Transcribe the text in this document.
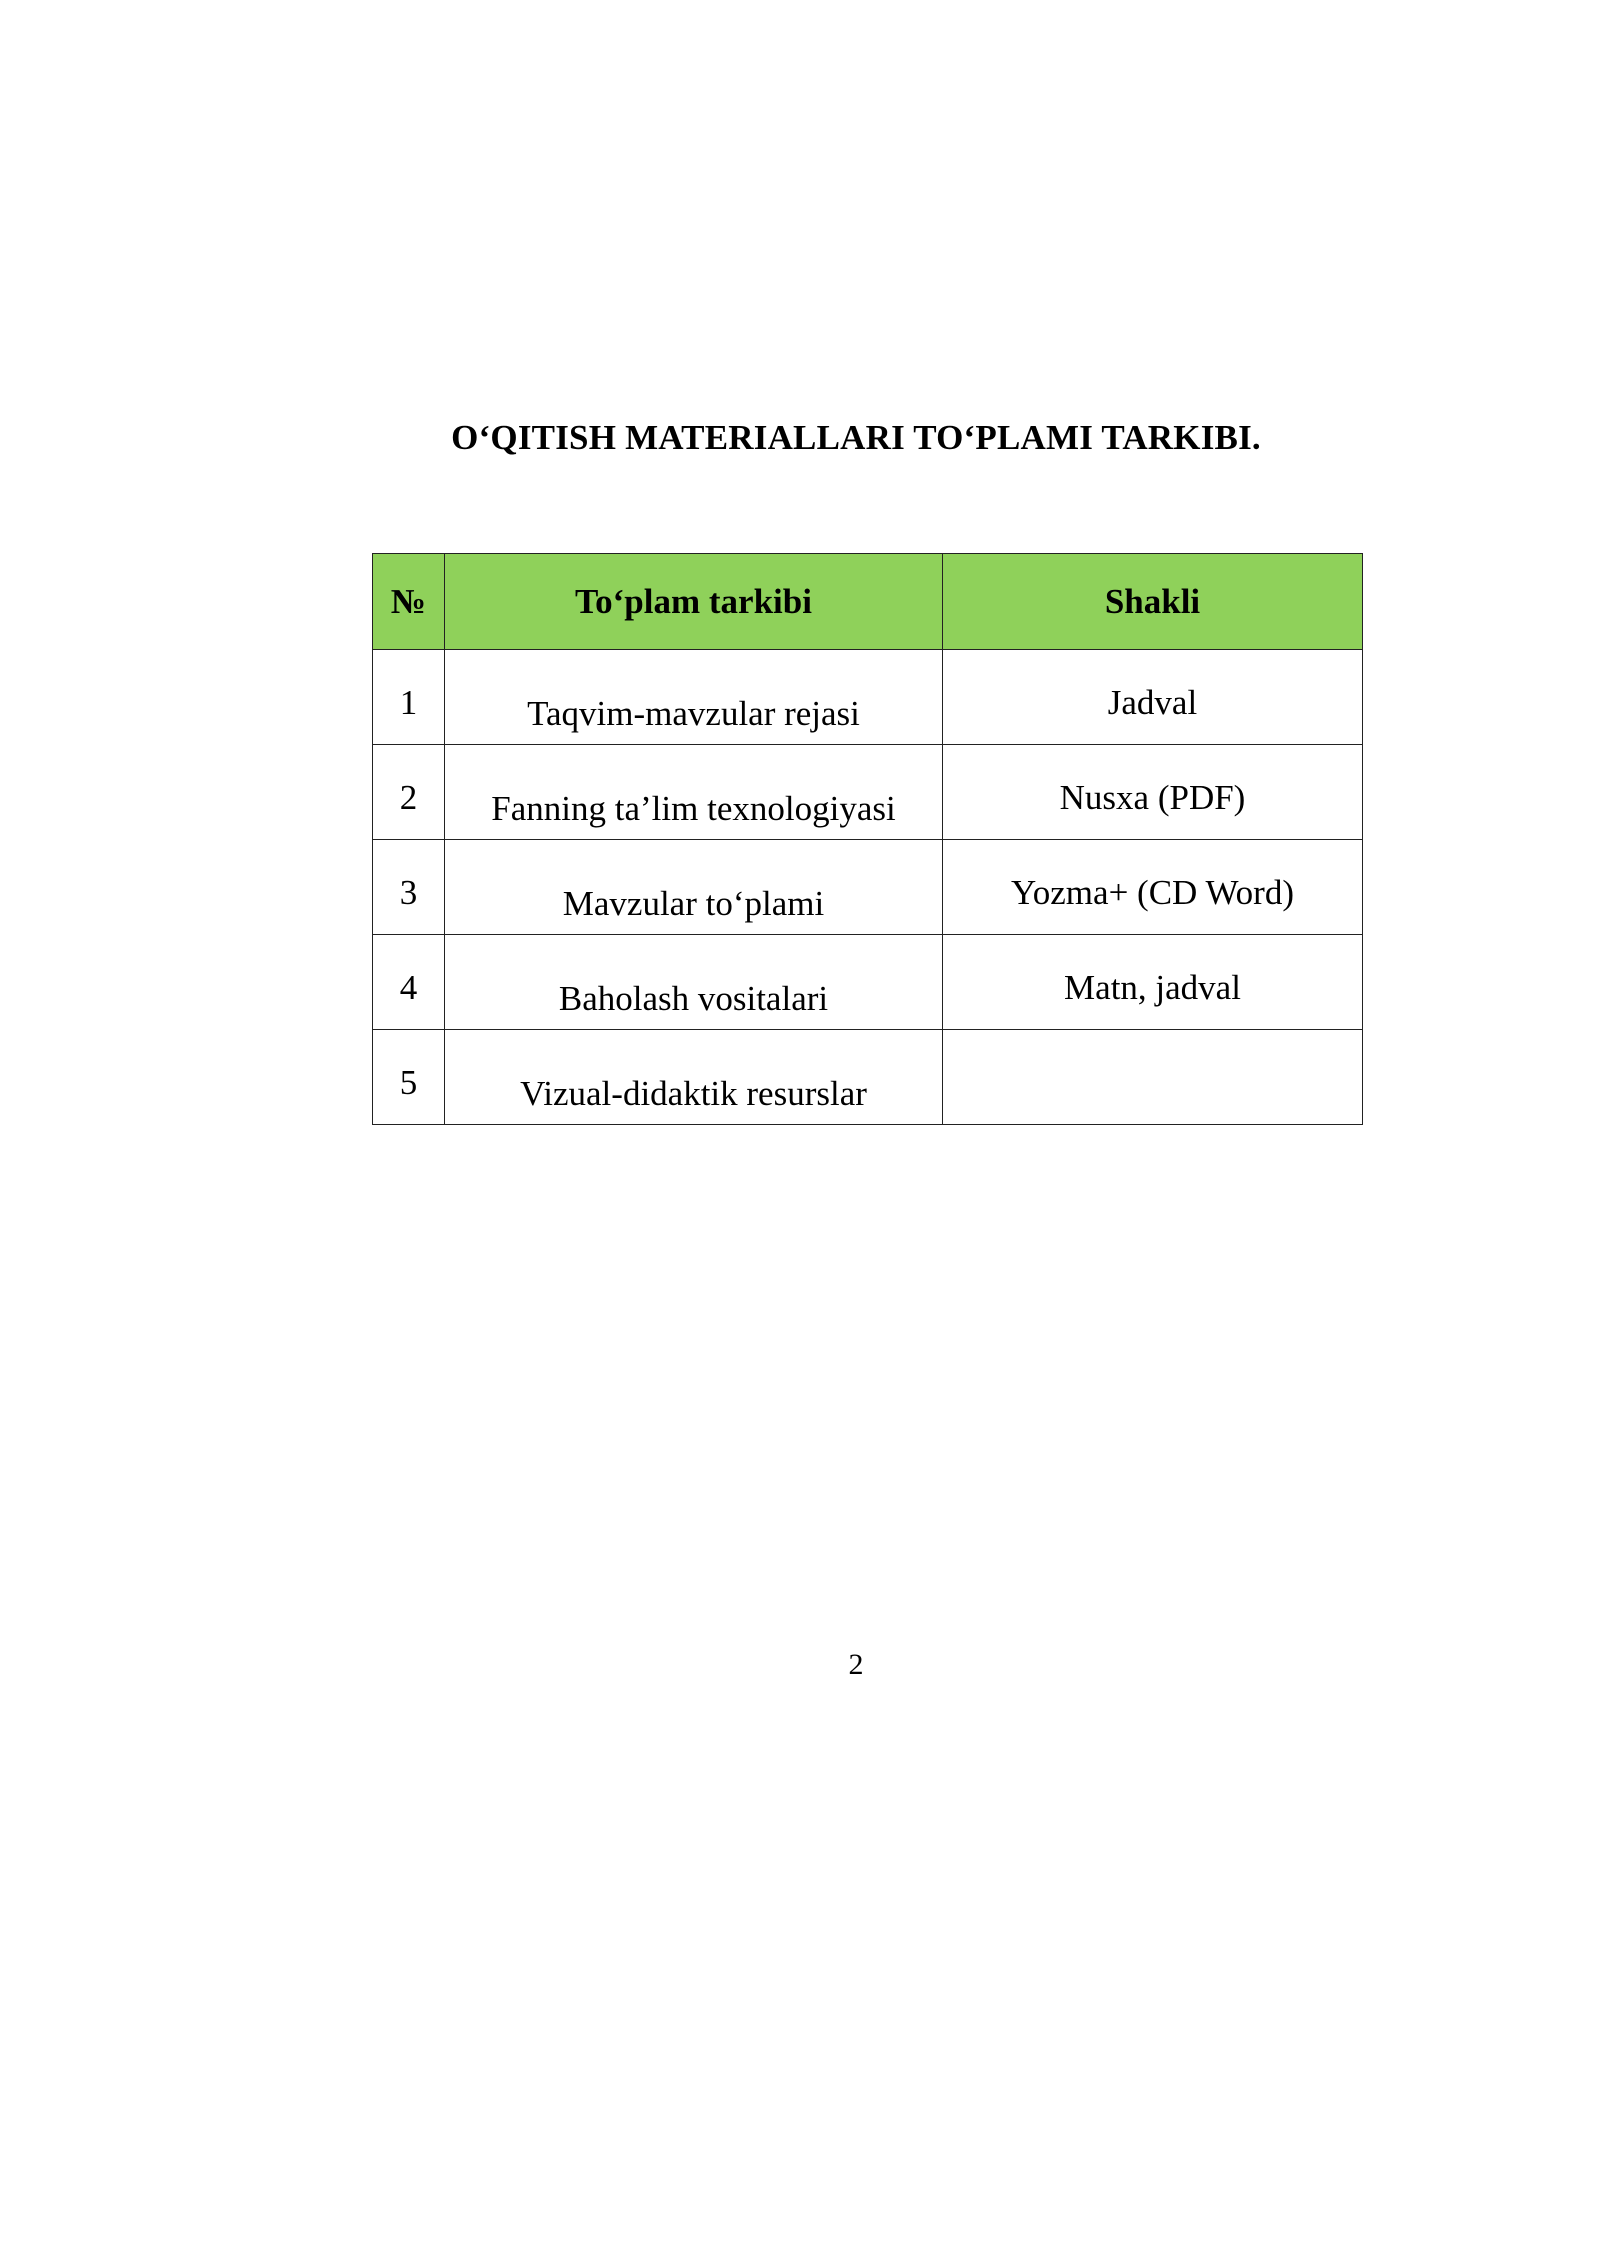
O‘QITISH MATERIALLARI TO‘PLAMI TARKIBI.
№	To‘plam tarkibi	Shakli
1	Taqvim-mavzular rejasi	Jadval
2	Fanning ta’lim texnologiyasi	Nusxa (PDF)
3	Mavzular to‘plami	Yozma+ (CD Word)
4	Baholash vositalari	Matn, jadval
5	Vizual-didaktik resurslar	
2
